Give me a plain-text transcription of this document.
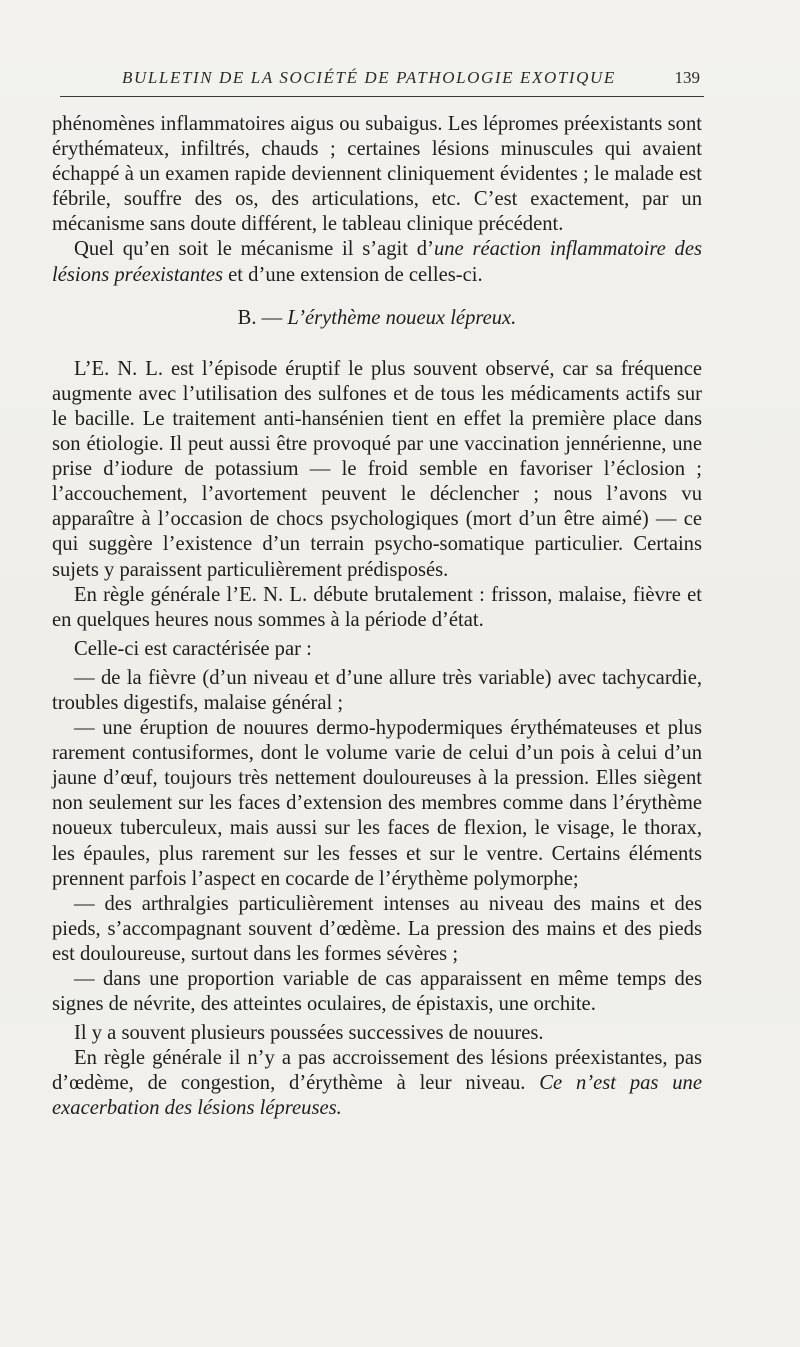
BULLETIN DE LA SOCIÉTÉ DE PATHOLOGIE EXOTIQUE	139

phénomènes inflammatoires aigus ou subaigus. Les lépromes préexistants sont érythémateux, infiltrés, chauds ; certaines lésions minuscules qui avaient échappé à un examen rapide deviennent cliniquement évidentes ; le malade est fébrile, souffre des os, des articulations, etc. C’est exactement, par un mécanisme sans doute différent, le tableau clinique précédent.

Quel qu’en soit le mécanisme il s’agit d’une réaction inflammatoire des lésions préexistantes et d’une extension de celles-ci.

B. — L’érythème noueux lépreux.

L’E. N. L. est l’épisode éruptif le plus souvent observé, car sa fréquence augmente avec l’utilisation des sulfones et de tous les médicaments actifs sur le bacille. Le traitement anti-hansénien tient en effet la première place dans son étiologie. Il peut aussi être provoqué par une vaccination jennérienne, une prise d’iodure de potassium — le froid semble en favoriser l’éclosion ; l’accouchement, l’avortement peuvent le déclencher ; nous l’avons vu apparaître à l’occasion de chocs psychologiques (mort d’un être aimé) — ce qui suggère l’existence d’un terrain psycho-somatique particulier. Certains sujets y paraissent particulièrement prédisposés.

En règle générale l’E. N. L. débute brutalement : frisson, malaise, fièvre et en quelques heures nous sommes à la période d’état.

Celle-ci est caractérisée par :

— de la fièvre (d’un niveau et d’une allure très variable) avec tachycardie, troubles digestifs, malaise général ;

— une éruption de nouures dermo-hypodermiques érythémateuses et plus rarement contusiformes, dont le volume varie de celui d’un pois à celui d’un jaune d’œuf, toujours très nettement douloureuses à la pression. Elles siègent non seulement sur les faces d’extension des membres comme dans l’érythème noueux tuberculeux, mais aussi sur les faces de flexion, le visage, le thorax, les épaules, plus rarement sur les fesses et sur le ventre. Certains éléments prennent parfois l’aspect en cocarde de l’érythème polymorphe;

— des arthralgies particulièrement intenses au niveau des mains et des pieds, s’accompagnant souvent d’œdème. La pression des mains et des pieds est douloureuse, surtout dans les formes sévères ;

— dans une proportion variable de cas apparaissent en même temps des signes de névrite, des atteintes oculaires, de épistaxis, une orchite.

Il y a souvent plusieurs poussées successives de nouures.

En règle générale il n’y a pas accroissement des lésions préexistantes, pas d’œdème, de congestion, d’érythème à leur niveau. Ce n’est pas une exacerbation des lésions lépreuses.
